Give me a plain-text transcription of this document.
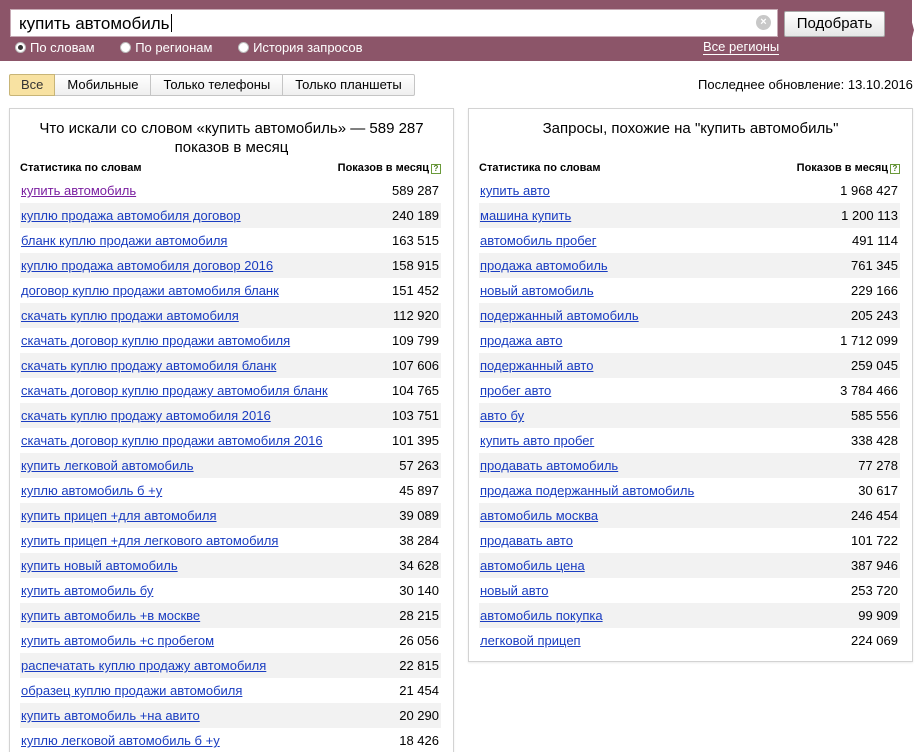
купить автомобиль	×	Подобрать
По словам	По регионам	История запросов	Все регионы
Все	Мобильные	Только телефоны	Только планшеты	Последнее обновление: 13.10.2016
Что искали со словом «купить автомобиль» — 589 287 показов в месяц
Статистика по словам	Показов в месяц ?
купить автомобиль	589 287
куплю продажа автомобиля договор	240 189
бланк куплю продажи автомобиля	163 515
куплю продажа автомобиля договор 2016	158 915
договор куплю продажи автомобиля бланк	151 452
скачать куплю продажи автомобиля	112 920
скачать договор куплю продажи автомобиля	109 799
скачать куплю продажу автомобиля бланк	107 606
скачать договор куплю продажу автомобиля бланк	104 765
скачать куплю продажу автомобиля 2016	103 751
скачать договор куплю продажи автомобиля 2016	101 395
купить легковой автомобиль	57 263
куплю автомобиль б +у	45 897
купить прицеп +для автомобиля	39 089
купить прицеп +для легкового автомобиля	38 284
купить новый автомобиль	34 628
купить автомобиль бу	30 140
купить автомобиль +в москве	28 215
купить автомобиль +с пробегом	26 056
распечатать куплю продажу автомобиля	22 815
образец куплю продажи автомобиля	21 454
купить автомобиль +на авито	20 290
куплю легковой автомобиль б +у	18 426
Запросы, похожие на "купить автомобиль"
Статистика по словам	Показов в месяц ?
купить авто	1 968 427
машина купить	1 200 113
автомобиль пробег	491 114
продажа автомобиль	761 345
новый автомобиль	229 166
подержанный автомобиль	205 243
продажа авто	1 712 099
подержанный авто	259 045
пробег авто	3 784 466
авто бу	585 556
купить авто пробег	338 428
продавать автомобиль	77 278
продажа подержанный автомобиль	30 617
автомобиль москва	246 454
продавать авто	101 722
автомобиль цена	387 946
новый авто	253 720
автомобиль покупка	99 909
легковой прицеп	224 069
